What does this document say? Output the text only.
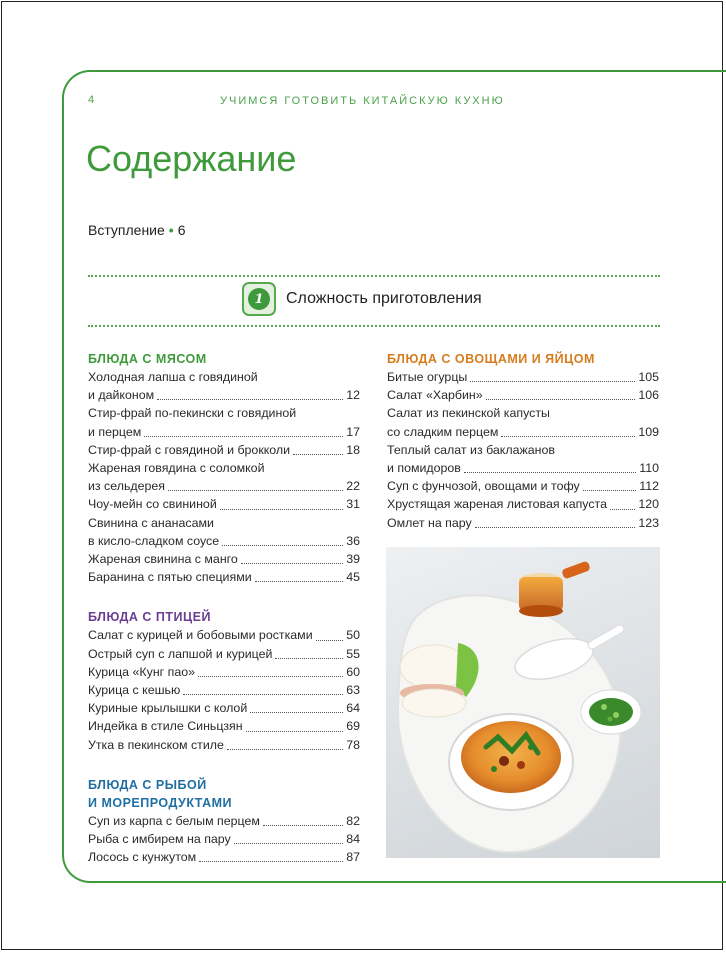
4	УЧИМСЯ ГОТОВИТЬ КИТАЙСКУЮ КУХНЮ
Содержание
Вступление • 6
1	Сложность приготовления
БЛЮДА С МЯСОМ
Холодная лапша с говядиной
и дайконом	12
Стир-фрай по-пекински с говядиной
и перцем	17
Стир-фрай с говядиной и брокколи	18
Жареная говядина с соломкой
из сельдерея	22
Чоу-мейн со свининой	31
Свинина с ананасами
в кисло-сладком соусе	36
Жареная свинина с манго	39
Баранина с пятью специями	45
БЛЮДА С ПТИЦЕЙ
Салат с курицей и бобовыми ростками	50
Острый суп с лапшой и курицей	55
Курица «Кунг пао»	60
Курица с кешью	63
Куриные крылышки с колой	64
Индейка в стиле Синьцзян	69
Утка в пекинском стиле	78
БЛЮДА С РЫБОЙ
И МОРЕПРОДУКТАМИ
Суп из карпа с белым перцем	82
Рыба с имбирем на пару	84
Лосось с кунжутом	87
БЛЮДА С ОВОЩАМИ И ЯЙЦОМ
Битые огурцы	105
Салат «Харбин»	106
Салат из пекинской капусты
со сладким перцем	109
Теплый салат из баклажанов
и помидоров	110
Суп с фунчозой, овощами и тофу	112
Хрустящая жареная листовая капуста	120
Омлет на пару	123
